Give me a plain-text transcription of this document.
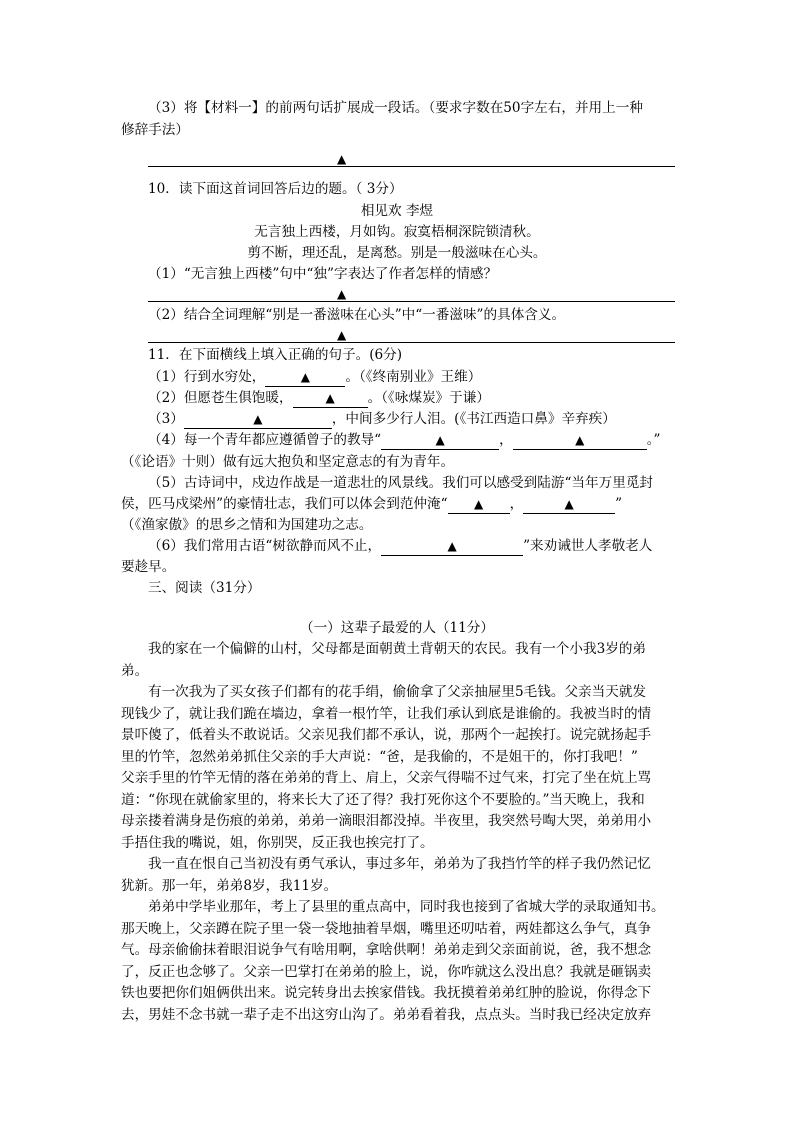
（3）将【材料一】的前两句话扩展成一段话。（要求字数在50字左右，并用上一种
修辞手法）
▲
10．读下面这首词回答后边的题。（ 3分）
相见欢 李煜
无言独上西楼，月如钩。寂寞梧桐深院锁清秋。
剪不断，理还乱，是离愁。别是一般滋味在心头。
（1）“无言独上西楼”句中“独”字表达了作者怎样的情感？
▲
（2）结合全词理解“别是一番滋味在心头”中“一番滋味”的具体含义。
▲
11．在下面横线上填入正确的句子。(6分)
（1）行到水穷处，	▲	。（《终南别业》王维）
（2）但愿苍生俱饱暖，	▲ 。（《咏煤炭》于谦）
（3）	▲	，中间多少行人泪。(《书江西造口鼻》辛弃疾）
（4）每一个青年都应遵循曾子的教导“	▲	，	▲	。”
（《论语》十则）做有远大抱负和坚定意志的有为青年。
（5）古诗词中，戍边作战是一道悲壮的风景线。我们可以感受到陆游“当年万里觅封
侯，匹马戍梁州”的豪情壮志，我们可以体会到范仲淹“ ▲ ，	▲	”
（《渔家傲》的思乡之情和为国建功之志。
（6）我们常用古语“树欲静而风不止，	▲	”来劝诫世人孝敬老人
要趁早。
三、阅读（31分）
（一）这辈子最爱的人（11分）
我的家在一个偏僻的山村，父母都是面朝黄土背朝天的农民。我有一个小我3岁的弟
弟。
有一次我为了买女孩子们都有的花手绢，偷偷拿了父亲抽屉里5毛钱。父亲当天就发
现钱少了，就让我们跪在墙边，拿着一根竹竿，让我们承认到底是谁偷的。我被当时的情
景吓傻了，低着头不敢说话。父亲见我们都不承认，说，那两个一起挨打。说完就扬起手
里的竹竿，忽然弟弟抓住父亲的手大声说：“爸，是我偷的，不是姐干的，你打我吧！”
父亲手里的竹竿无情的落在弟弟的背上、肩上，父亲气得喘不过气来，打完了坐在炕上骂
道：“你现在就偷家里的，将来长大了还了得？我打死你这个不要脸的。”当天晚上，我和
母亲搂着满身是伤痕的弟弟，弟弟一滴眼泪都没掉。半夜里，我突然号啕大哭，弟弟用小
手捂住我的嘴说，姐，你别哭，反正我也挨完打了。
我一直在恨自己当初没有勇气承认，事过多年，弟弟为了我挡竹竿的样子我仍然记忆
犹新。那一年，弟弟8岁，我11岁。
弟弟中学毕业那年，考上了县里的重点高中，同时我也接到了省城大学的录取通知书。
那天晚上，父亲蹲在院子里一袋一袋地抽着旱烟，嘴里还叨咕着，两娃都这么争气，真争
气。母亲偷偷抹着眼泪说争气有啥用啊，拿啥供啊！弟弟走到父亲面前说，爸，我不想念
了，反正也念够了。父亲一巴掌打在弟弟的脸上，说，你咋就这么没出息？我就是砸锅卖
铁也要把你们姐俩供出来。说完转身出去挨家借钱。我抚摸着弟弟红肿的脸说，你得念下
去，男娃不念书就一辈子走不出这穷山沟了。弟弟看着我，点点头。当时我已经决定放弃
